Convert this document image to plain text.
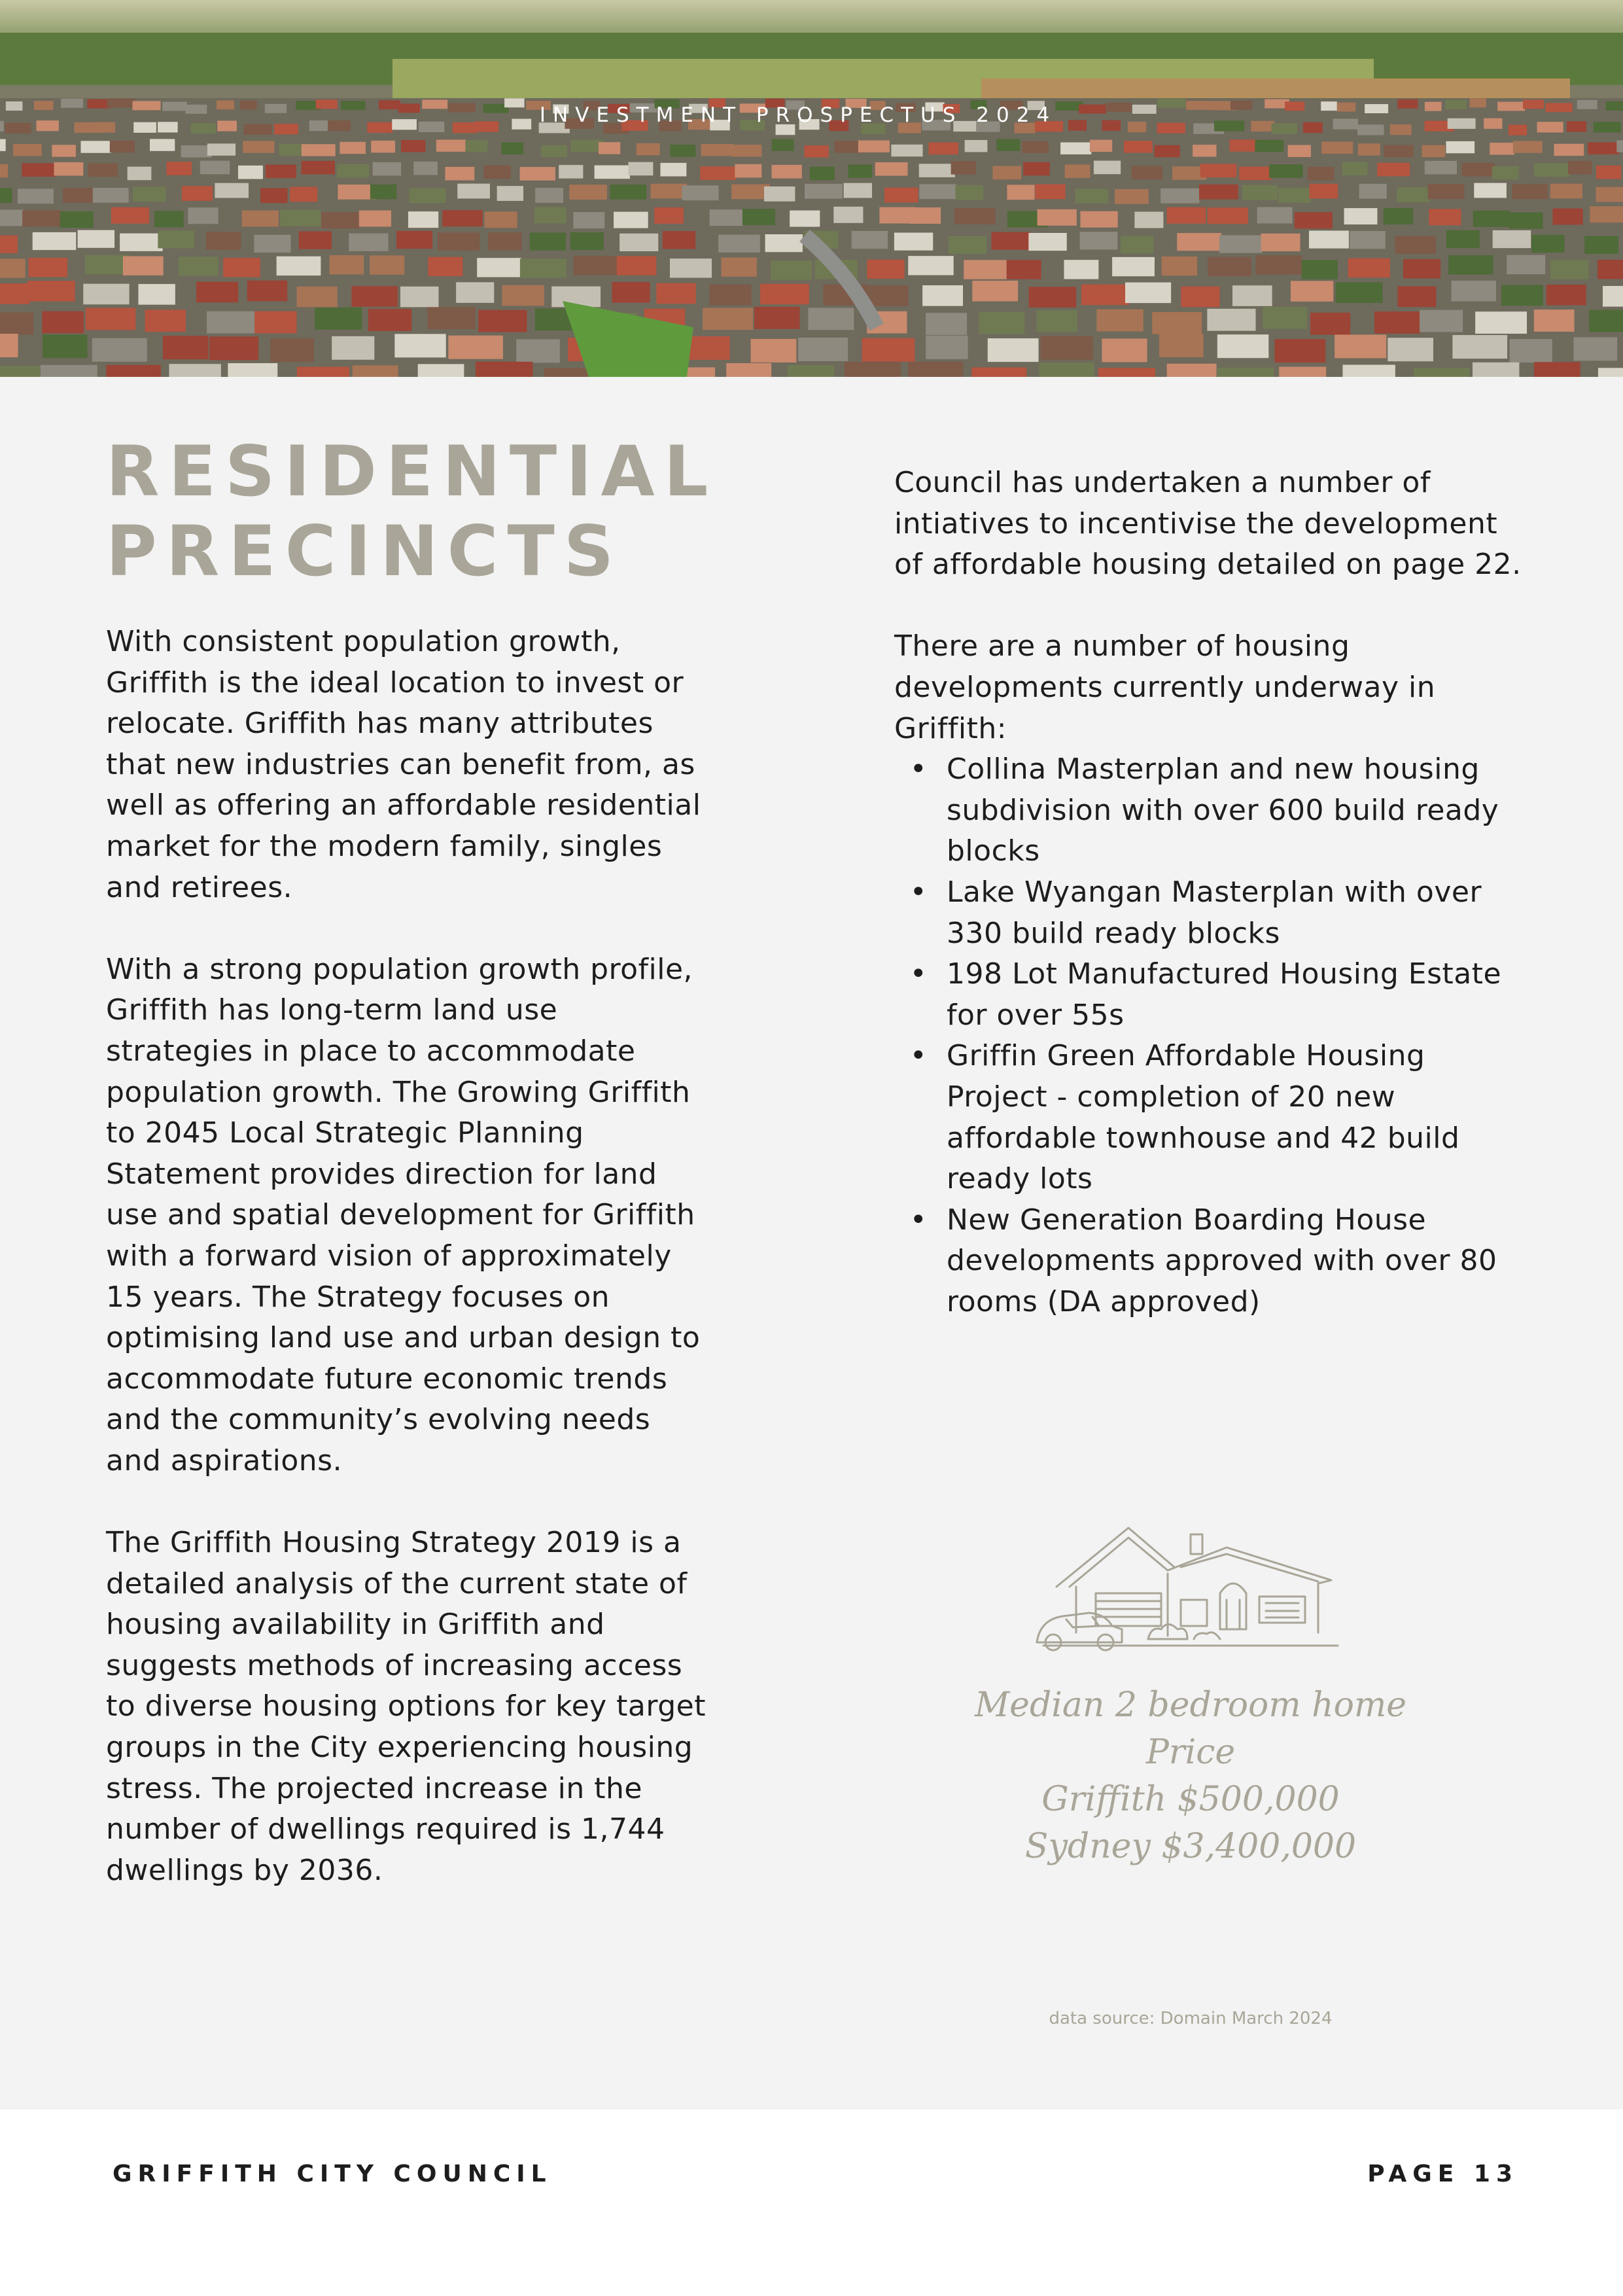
INVESTMENT PROSPECTUS 2024
RESIDENTIAL
PRECINCTS

With consistent population growth, Griffith is the ideal location to invest or relocate. Griffith has many attributes that new industries can benefit from, as well as offering an affordable residential market for the modern family, singles and retirees.

With a strong population growth profile, Griffith has long-term land use strategies in place to accommodate population growth. The Growing Griffith to 2045 Local Strategic Planning Statement provides direction for land use and spatial development for Griffith with a forward vision of approximately 15 years. The Strategy focuses on optimising land use and urban design to accommodate future economic trends and the community’s evolving needs and aspirations.

The Griffith Housing Strategy 2019 is a detailed analysis of the current state of housing availability in Griffith and suggests methods of increasing access to diverse housing options for key target groups in the City experiencing housing stress. The projected increase in the number of dwellings required is 1,744 dwellings by 2036.

Council has undertaken a number of intiatives to incentivise the development of affordable housing detailed on page 22.

There are a number of housing developments currently underway in Griffith:

• Collina Masterplan and new housing subdivision with over 600 build ready blocks
• Lake Wyangan Masterplan with over 330 build ready blocks
• 198 Lot Manufactured Housing Estate for over 55s
• Griffin Green Affordable Housing Project - completion of 20 new affordable townhouse and 42 build ready lots
• New Generation Boarding House developments approved with over 80 rooms (DA approved)
Median 2 bedroom home
Price
Griffith $500,000
Sydney $3,400,000
data source: Domain March 2024
GRIFFITH CITY COUNCIL	PAGE 13
